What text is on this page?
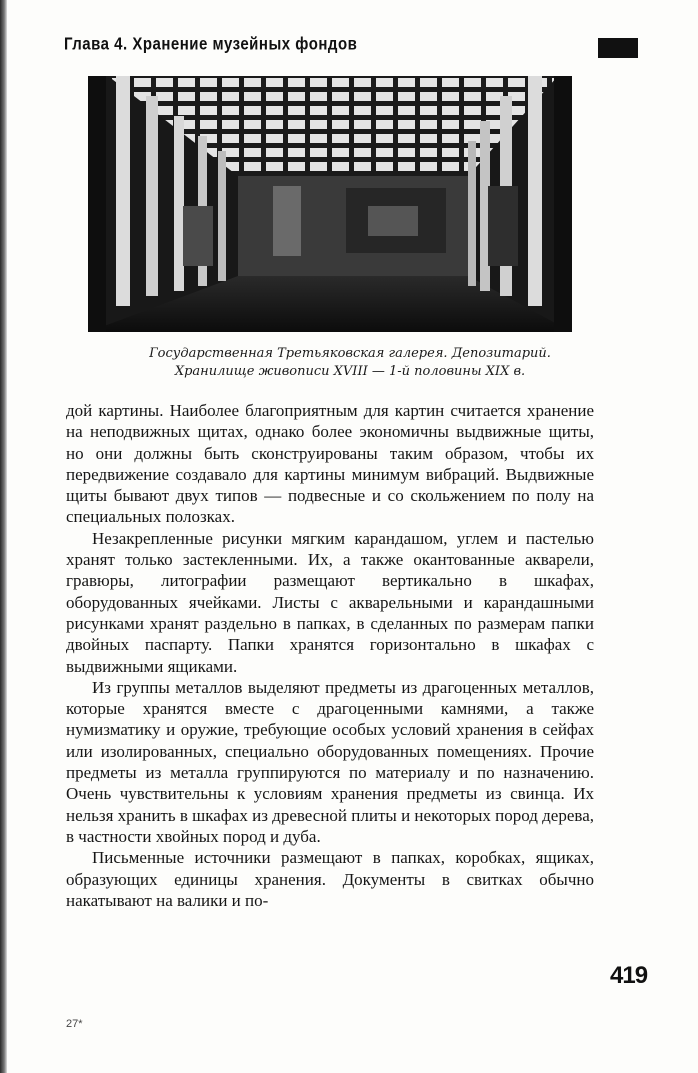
Глава 4. Хранение музейных фондов
Государственная Третьяковская галерея. Депозитарий.
Хранилище живописи XVIII — 1-й половины XIX в.

дой картины. Наиболее благоприятным для картин считается хранение на неподвижных щитах, однако более экономичны выдвижные щиты, но они должны быть сконструированы таким образом, чтобы их передвижение создавало для картины минимум вибраций. Выдвижные щиты бывают двух типов — подвесные и со скольжением по полу на специальных полозках.

Незакрепленные рисунки мягким карандашом, углем и пастелью хранят только застекленными. Их, а также окантованные акварели, гравюры, литографии размещают вертикально в шкафах, оборудованных ячейками. Листы с акварельными и карандашными рисунками хранят раздельно в папках, в сделанных по размерам папки двойных паспарту. Папки хранятся горизонтально в шкафах с выдвижными ящиками.

Из группы металлов выделяют предметы из драгоценных металлов, которые хранятся вместе с драгоценными камнями, а также нумизматику и оружие, требующие особых условий хранения в сейфах или изолированных, специально оборудованных помещениях. Прочие предметы из металла группируются по материалу и по назначению. Очень чувствительны к условиям хранения предметы из свинца. Их нельзя хранить в шкафах из древесной плиты и некоторых пород дерева, в частности хвойных пород и дуба.

Письменные источники размещают в папках, коробках, ящиках, образующих единицы хранения. Документы в свитках обычно накатывают на валики и по-

419
27*
